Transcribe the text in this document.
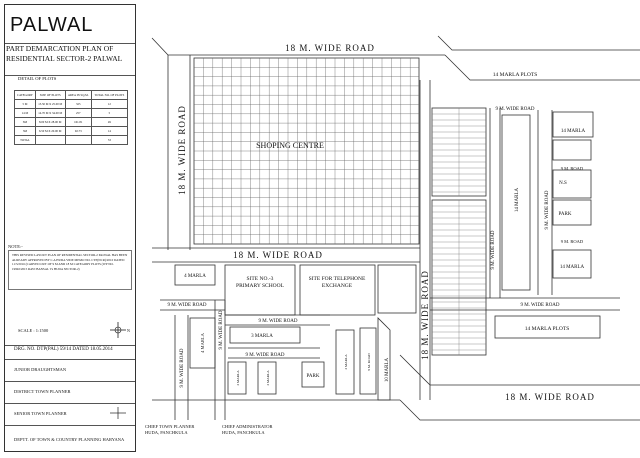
PALWAL
PART DEMARCATION PLAN OF
RESIDENTIAL SECTOR-2 PALWAL
DETAIL OF PLOTS
CATEGORY	SIZE OF PLOTS	AREA IN SQ.M.	TOTAL NO. OF PLOTS
5 M	13.50 M X 25.00 M	325	12
14 M	14.70 M X 34.00 M	257	5
SM	8.00 M X 28.00 M	161.81	49
3M	6.50 M X 20.00 M	92.73	14
TOTAL			53
NOTE:-
THIS REVISED LAYOUT PLAN OF RESIDENTIAL SECTOR-2 PALWAL HAS BEEN ALREADY APPROVED BY C.A HUDA VIDE MEMO NO. CTP(NCR)/2010 DATED 11/5/2016 (CARVED OUT OF 9 M AND 18 M CATEGORY PLOTS (WP NO. 19992/2015 RAVI BANSAL Vs HUDA SECTOR-2)
SCALE : 1:1500	N
DRG. NO. DTP(PAL) 59/14 DATED 18.05.2014
JUNIOR DRAUGHTSMAN
DISTRICT TOWN PLANNER
SENIOR TOWN PLANNER
DEPTT. OF TOWN & COUNTRY PLANNING HARYANA
CHIEF TOWN PLANNER
HUDA, PANCHKULA
CHIEF ADMINISTRATOR
HUDA, PANCHKULA
18 M. WIDE ROAD
18 M. WIDE ROAD
18 M. WIDE ROAD
18 M. WIDE ROAD
18 M. WIDE ROAD
SHOPING CENTRE
14 MARLA PLOTS
9 M. WIDE ROAD
9 M. WIDE ROAD
9 M. WIDE ROAD
14 MARLA
14 MARLA
9 M. ROAD
N.S
PARK
9 M. ROAD
14 MARLA
9 M. WIDE ROAD
14 MARLA PLOTS
4 MARLA	SITE NO.-3
PRIMARY SCHOOL
SITE FOR TELEPHONE
EXCHANGE
9 M. WIDE ROAD
9 M. WIDE ROAD
9 M. WIDE ROAD
9 M. WIDE ROAD
4 MARLA	3 MARLA
9 M. WIDE ROAD
PARK	10 MARLA
3 MARLA	3 MARLA
3 MARLA	9 M. ROAD
